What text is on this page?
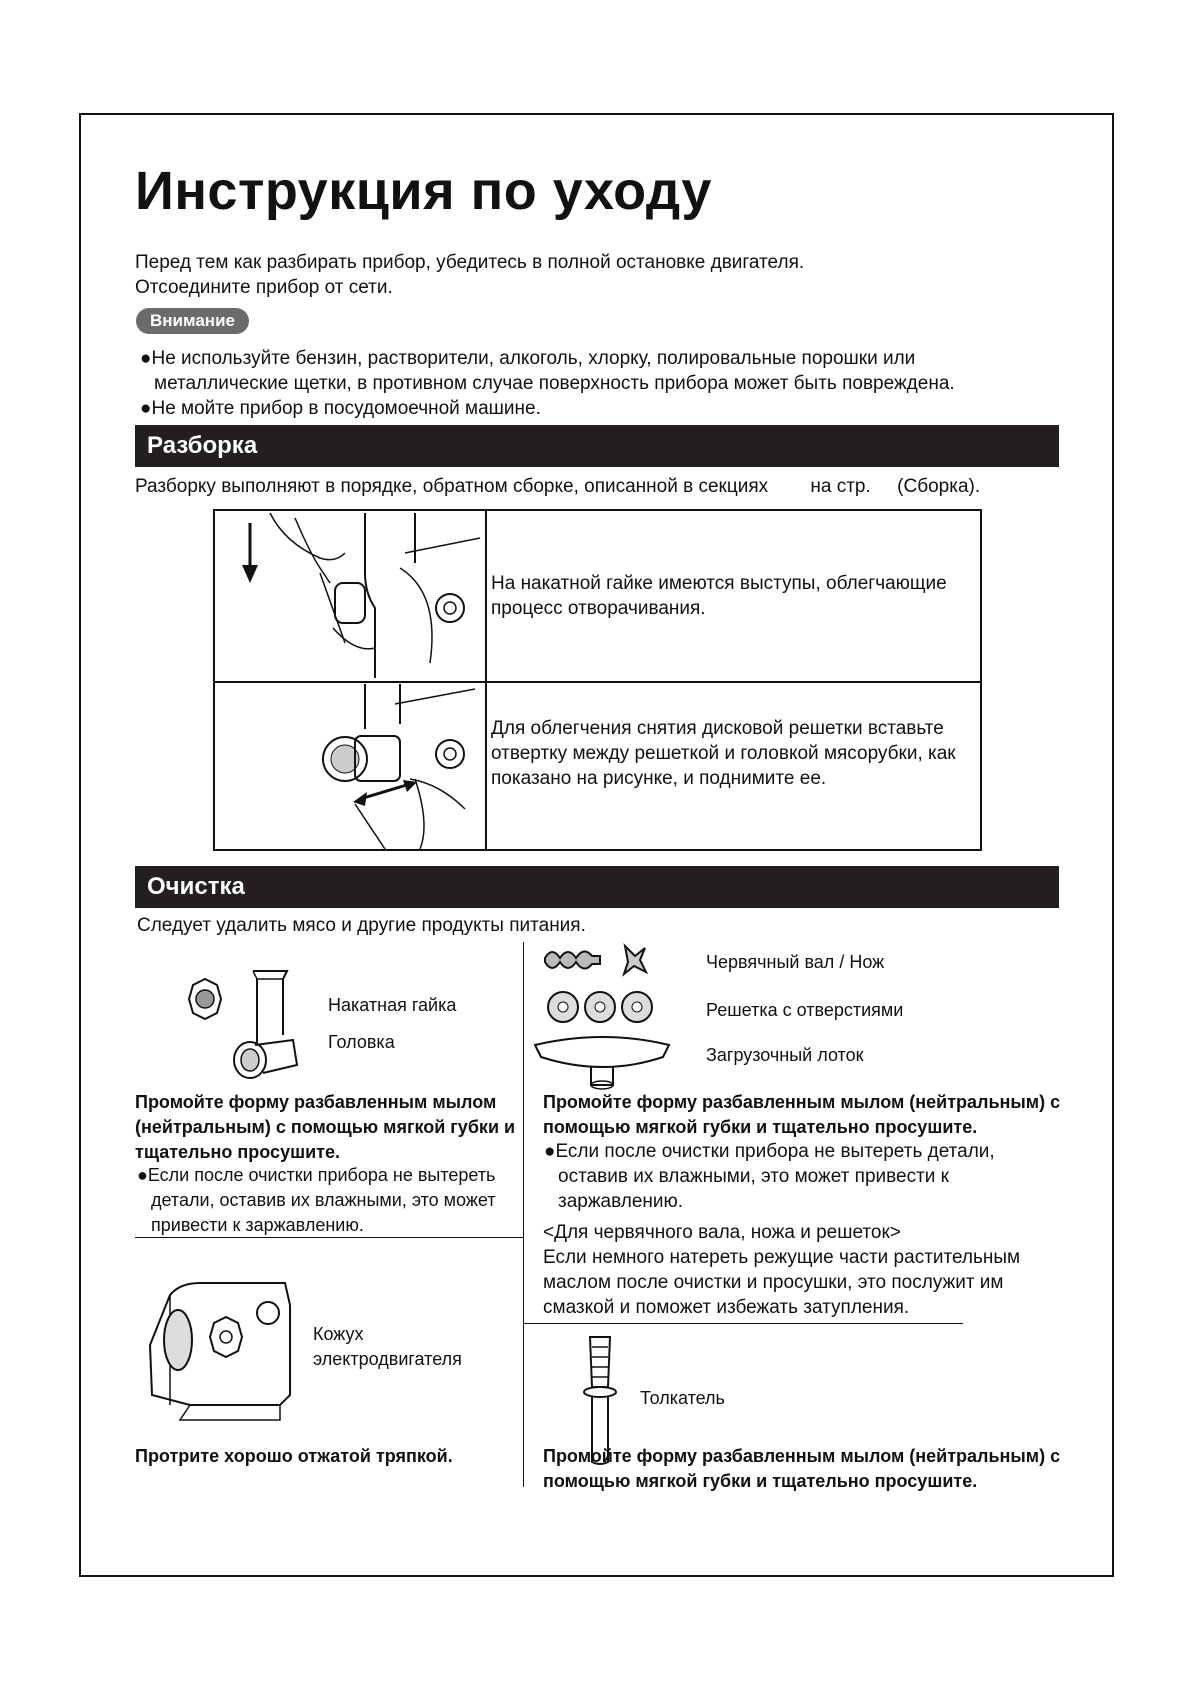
Инструкция по уходу
Перед тем как разбирать прибор, убедитесь в полной остановке двигателя.
Отсоедините прибор от сети.
Внимание
●Не используйте бензин, растворители, алкоголь, хлорку, полировальные порошки или металлические щетки, в противном случае поверхность прибора может быть повреждена.
●Не мойте прибор в посудомоечной машине.
Разборка
Разборку выполняют в порядке, обратном сборке, описанной в секциях        на стр.     (Сборка).
На накатной гайке имеются выступы, облегчающие процесс отворачивания.
Для облегчения снятия дисковой решетки вставьте отвертку между решеткой и головкой мясорубки, как показано на рисунке, и поднимите ее.
Очистка
Следует удалить мясо и другие продукты питания.
Накатная гайка
Головка
Промойте форму разбавленным мылом (нейтральным) с помощью мягкой губки и тщательно просушите.
●Если после очистки прибора не вытереть детали, оставив их влажными, это может привести к заржавлению.
Кожух
электродвигателя
Протрите хорошо отжатой тряпкой.
Червячный вал / Нож
Решетка с отверстиями
Загрузочный лоток
Промойте форму разбавленным мылом (нейтральным) с помощью мягкой губки и тщательно просушите.
●Если после очистки прибора не вытереть детали, оставив их влажными, это может привести к заржавлению.
<Для червячного вала, ножа и решеток>
Если немного натереть режущие части растительным маслом после очистки и просушки, это послужит им смазкой и поможет избежать затупления.
Толкатель
Промойте форму разбавленным мылом (нейтральным) с помощью мягкой губки и тщательно просушите.
